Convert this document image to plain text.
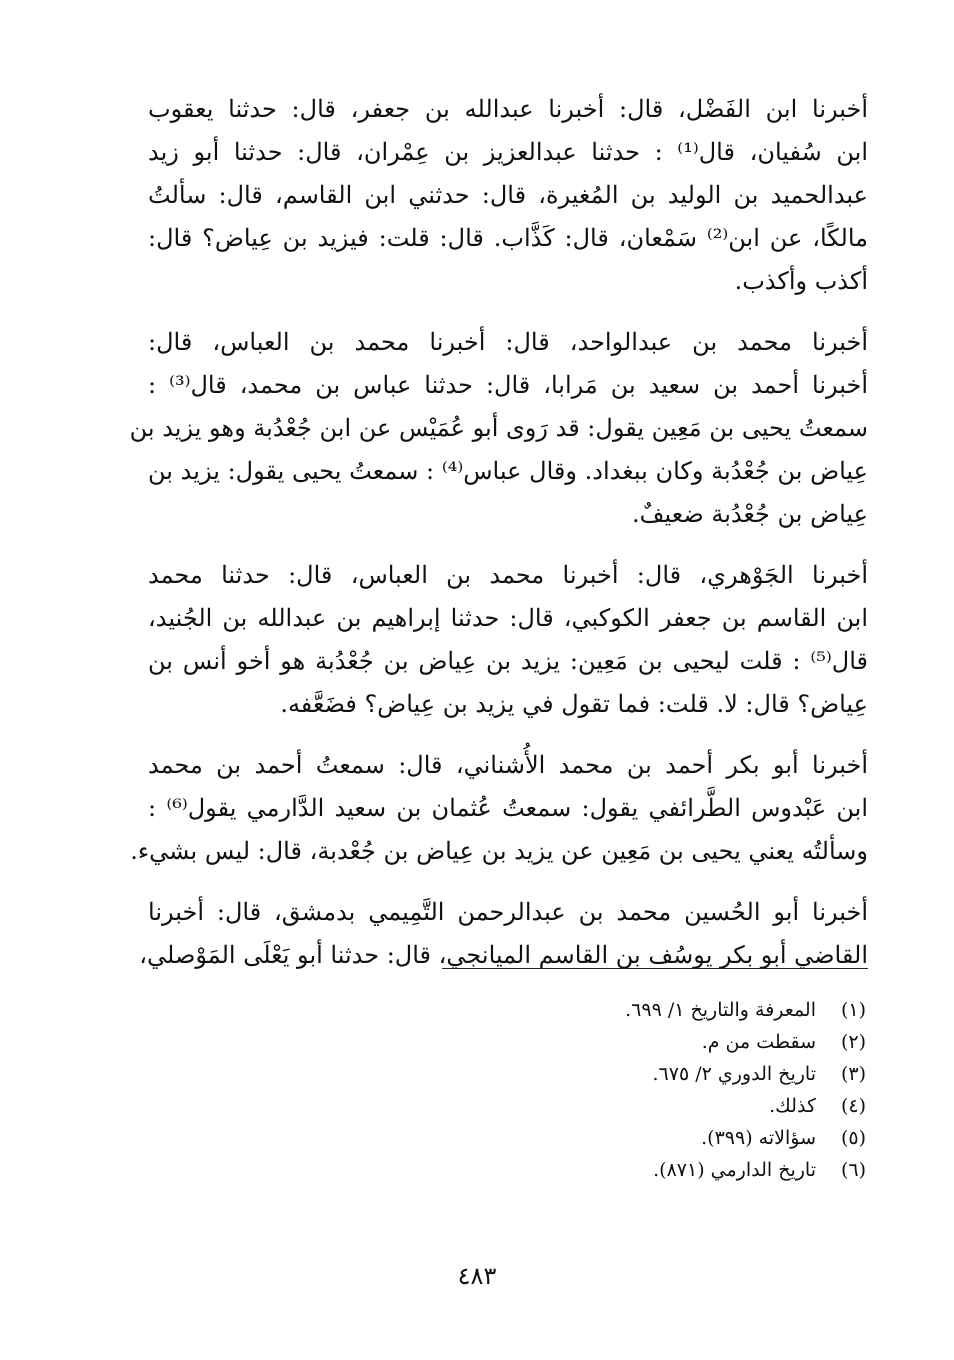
أخبرنا ابن الفَضْل، قال: أخبرنا عبدالله بن جعفر، قال: حدثنا يعقوب
ابن سُفيان، قال⁽¹⁾ : حدثنا عبدالعزيز بن عِمْران، قال: حدثنا أبو زيد
عبدالحميد بن الوليد بن المُغيرة، قال: حدثني ابن القاسم، قال: سألتُ
مالكًا، عن ابن⁽²⁾ سَمْعان، قال: كَذَّاب. قال: قلت: فيزيد بن عِياض؟ قال:
أكذب وأكذب.
أخبرنا محمد بن عبدالواحد، قال: أخبرنا محمد بن العباس، قال:
أخبرنا أحمد بن سعيد بن مَرابا، قال: حدثنا عباس بن محمد، قال⁽³⁾ :
سمعتُ يحيى بن مَعِين يقول: قد رَوى أبو عُمَيْس عن ابن جُعْدُبة وهو يزيد بن
عِياض بن جُعْدُبة وكان ببغداد. وقال عباس⁽⁴⁾ : سمعتُ يحيى يقول: يزيد بن
عِياض بن جُعْدُبة ضعيفٌ.
أخبرنا الجَوْهري، قال: أخبرنا محمد بن العباس، قال: حدثنا محمد
ابن القاسم بن جعفر الكوكبي، قال: حدثنا إبراهيم بن عبدالله بن الجُنيد،
قال⁽⁵⁾ : قلت ليحيى بن مَعِين: يزيد بن عِياض بن جُعْدُبة هو أخو أنس بن
عِياض؟ قال: لا. قلت: فما تقول في يزيد بن عِياض؟ فضَعَّفه.
أخبرنا أبو بكر أحمد بن محمد الأُشناني، قال: سمعتُ أحمد بن محمد
ابن عَبْدوس الطَّرائفي يقول: سمعتُ عُثمان بن سعيد الدَّارمي يقول⁽⁶⁾ :
وسألتُه يعني يحيى بن مَعِين عن يزيد بن عِياض بن جُعْدبة، قال: ليس بشيء.
أخبرنا أبو الحُسين محمد بن عبدالرحمن التَّمِيمي بدمشق، قال: أخبرنا
القاضي أبو بكر يوسُف بن القاسم الميانجي، قال: حدثنا أبو يَعْلَى المَوْصلي،
(١)
المعرفة والتاريخ ١/ ٦٩٩.
(٢)
سقطت من م.
(٣)
تاريخ الدوري ٢/ ٦٧٥.
(٤)
كذلك.
(٥)
سؤالاته (٣٩٩).
(٦)
تاريخ الدارمي (٨٧١).
٤٨٣
